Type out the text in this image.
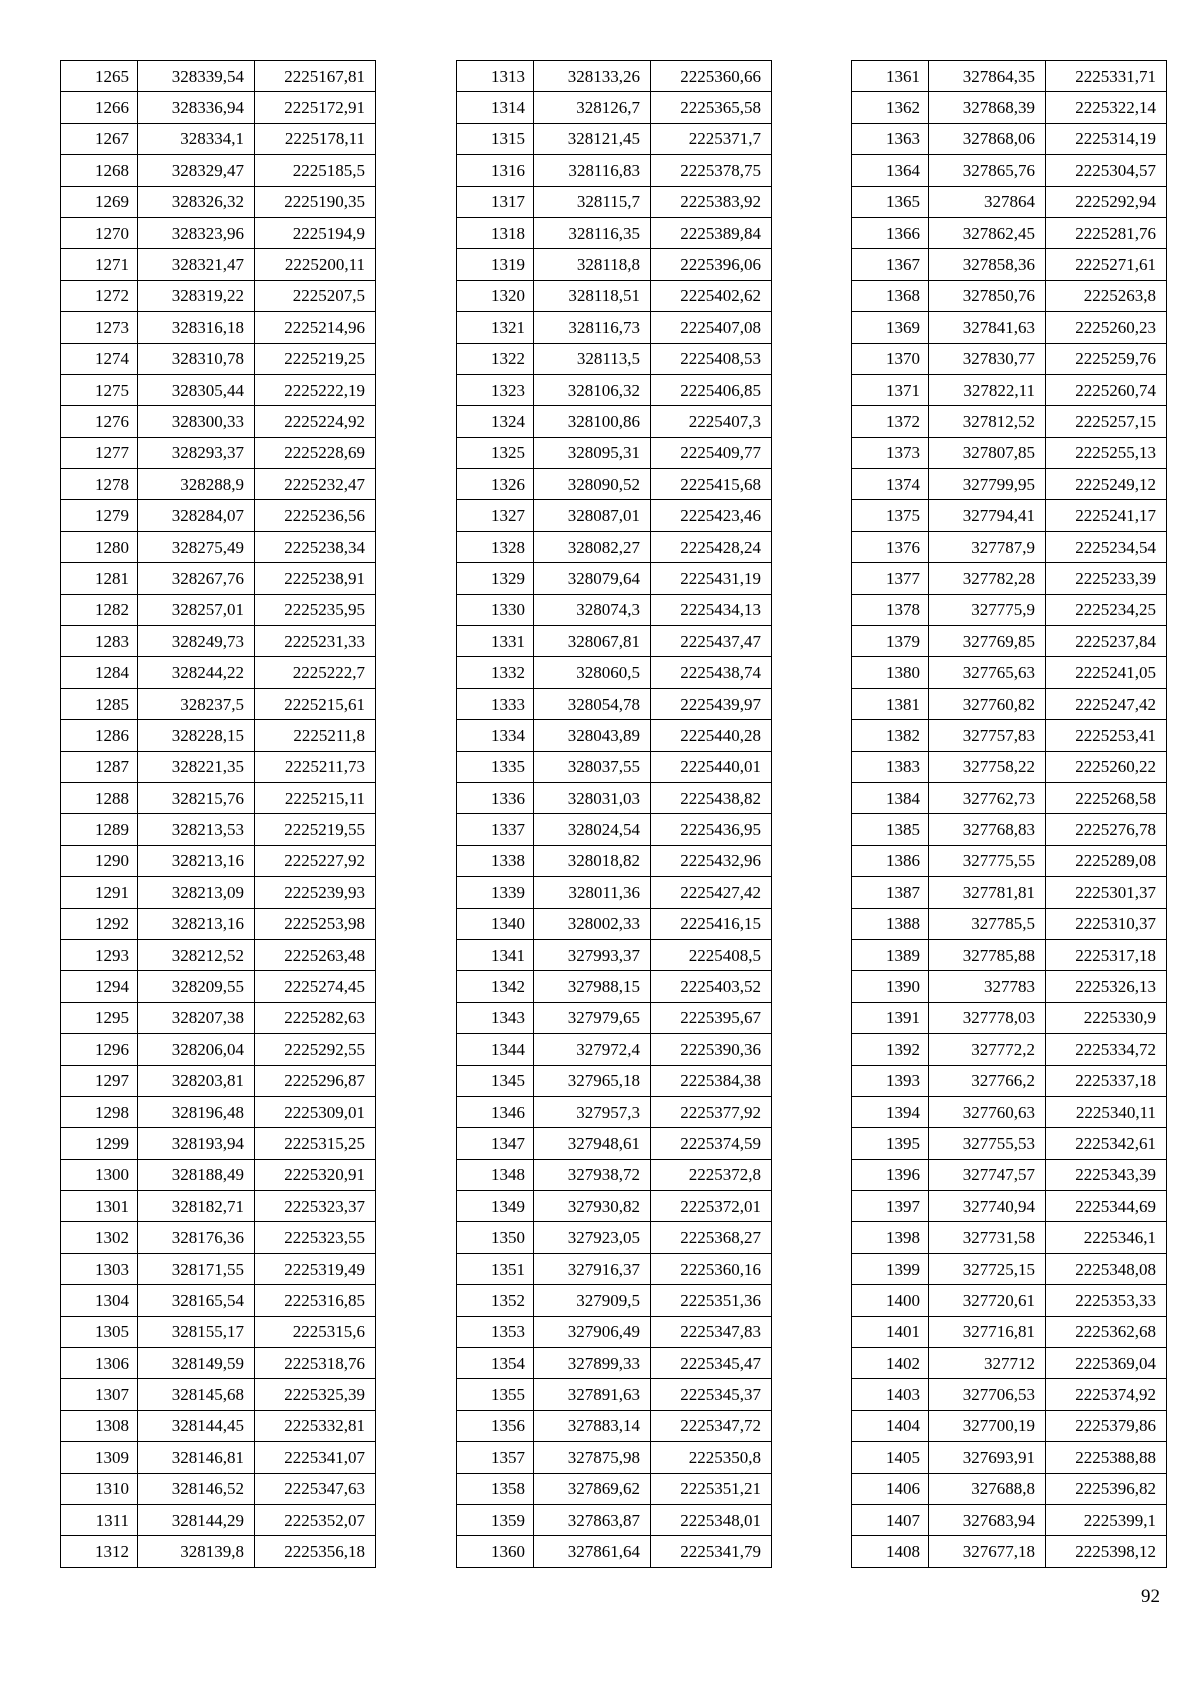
1265	328339,54	2225167,81
1266	328336,94	2225172,91
1267	328334,1	2225178,11
1268	328329,47	2225185,5
1269	328326,32	2225190,35
1270	328323,96	2225194,9
1271	328321,47	2225200,11
1272	328319,22	2225207,5
1273	328316,18	2225214,96
1274	328310,78	2225219,25
1275	328305,44	2225222,19
1276	328300,33	2225224,92
1277	328293,37	2225228,69
1278	328288,9	2225232,47
1279	328284,07	2225236,56
1280	328275,49	2225238,34
1281	328267,76	2225238,91
1282	328257,01	2225235,95
1283	328249,73	2225231,33
1284	328244,22	2225222,7
1285	328237,5	2225215,61
1286	328228,15	2225211,8
1287	328221,35	2225211,73
1288	328215,76	2225215,11
1289	328213,53	2225219,55
1290	328213,16	2225227,92
1291	328213,09	2225239,93
1292	328213,16	2225253,98
1293	328212,52	2225263,48
1294	328209,55	2225274,45
1295	328207,38	2225282,63
1296	328206,04	2225292,55
1297	328203,81	2225296,87
1298	328196,48	2225309,01
1299	328193,94	2225315,25
1300	328188,49	2225320,91
1301	328182,71	2225323,37
1302	328176,36	2225323,55
1303	328171,55	2225319,49
1304	328165,54	2225316,85
1305	328155,17	2225315,6
1306	328149,59	2225318,76
1307	328145,68	2225325,39
1308	328144,45	2225332,81
1309	328146,81	2225341,07
1310	328146,52	2225347,63
1311	328144,29	2225352,07
1312	328139,8	2225356,18
1313	328133,26	2225360,66
1314	328126,7	2225365,58
1315	328121,45	2225371,7
1316	328116,83	2225378,75
1317	328115,7	2225383,92
1318	328116,35	2225389,84
1319	328118,8	2225396,06
1320	328118,51	2225402,62
1321	328116,73	2225407,08
1322	328113,5	2225408,53
1323	328106,32	2225406,85
1324	328100,86	2225407,3
1325	328095,31	2225409,77
1326	328090,52	2225415,68
1327	328087,01	2225423,46
1328	328082,27	2225428,24
1329	328079,64	2225431,19
1330	328074,3	2225434,13
1331	328067,81	2225437,47
1332	328060,5	2225438,74
1333	328054,78	2225439,97
1334	328043,89	2225440,28
1335	328037,55	2225440,01
1336	328031,03	2225438,82
1337	328024,54	2225436,95
1338	328018,82	2225432,96
1339	328011,36	2225427,42
1340	328002,33	2225416,15
1341	327993,37	2225408,5
1342	327988,15	2225403,52
1343	327979,65	2225395,67
1344	327972,4	2225390,36
1345	327965,18	2225384,38
1346	327957,3	2225377,92
1347	327948,61	2225374,59
1348	327938,72	2225372,8
1349	327930,82	2225372,01
1350	327923,05	2225368,27
1351	327916,37	2225360,16
1352	327909,5	2225351,36
1353	327906,49	2225347,83
1354	327899,33	2225345,47
1355	327891,63	2225345,37
1356	327883,14	2225347,72
1357	327875,98	2225350,8
1358	327869,62	2225351,21
1359	327863,87	2225348,01
1360	327861,64	2225341,79
1361	327864,35	2225331,71
1362	327868,39	2225322,14
1363	327868,06	2225314,19
1364	327865,76	2225304,57
1365	327864	2225292,94
1366	327862,45	2225281,76
1367	327858,36	2225271,61
1368	327850,76	2225263,8
1369	327841,63	2225260,23
1370	327830,77	2225259,76
1371	327822,11	2225260,74
1372	327812,52	2225257,15
1373	327807,85	2225255,13
1374	327799,95	2225249,12
1375	327794,41	2225241,17
1376	327787,9	2225234,54
1377	327782,28	2225233,39
1378	327775,9	2225234,25
1379	327769,85	2225237,84
1380	327765,63	2225241,05
1381	327760,82	2225247,42
1382	327757,83	2225253,41
1383	327758,22	2225260,22
1384	327762,73	2225268,58
1385	327768,83	2225276,78
1386	327775,55	2225289,08
1387	327781,81	2225301,37
1388	327785,5	2225310,37
1389	327785,88	2225317,18
1390	327783	2225326,13
1391	327778,03	2225330,9
1392	327772,2	2225334,72
1393	327766,2	2225337,18
1394	327760,63	2225340,11
1395	327755,53	2225342,61
1396	327747,57	2225343,39
1397	327740,94	2225344,69
1398	327731,58	2225346,1
1399	327725,15	2225348,08
1400	327720,61	2225353,33
1401	327716,81	2225362,68
1402	327712	2225369,04
1403	327706,53	2225374,92
1404	327700,19	2225379,86
1405	327693,91	2225388,88
1406	327688,8	2225396,82
1407	327683,94	2225399,1
1408	327677,18	2225398,12
92
